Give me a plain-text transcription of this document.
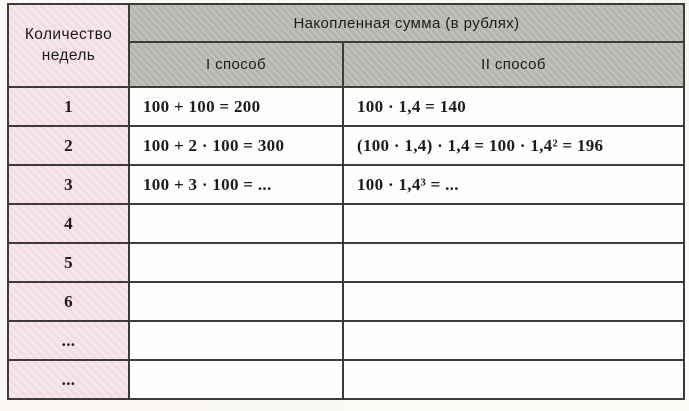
Количество недель	Накопленная сумма (в рублях)	
	I способ	II способ
1	100 + 100 = 200	100 · 1,4 = 140
2	100 + 2 · 100 = 300	(100 · 1,4) · 1,4 = 100 · 1,4² = 196
3	100 + 3 · 100 = ...	100 · 1,4³ = ...
4		
5		
6		
...		
...		
